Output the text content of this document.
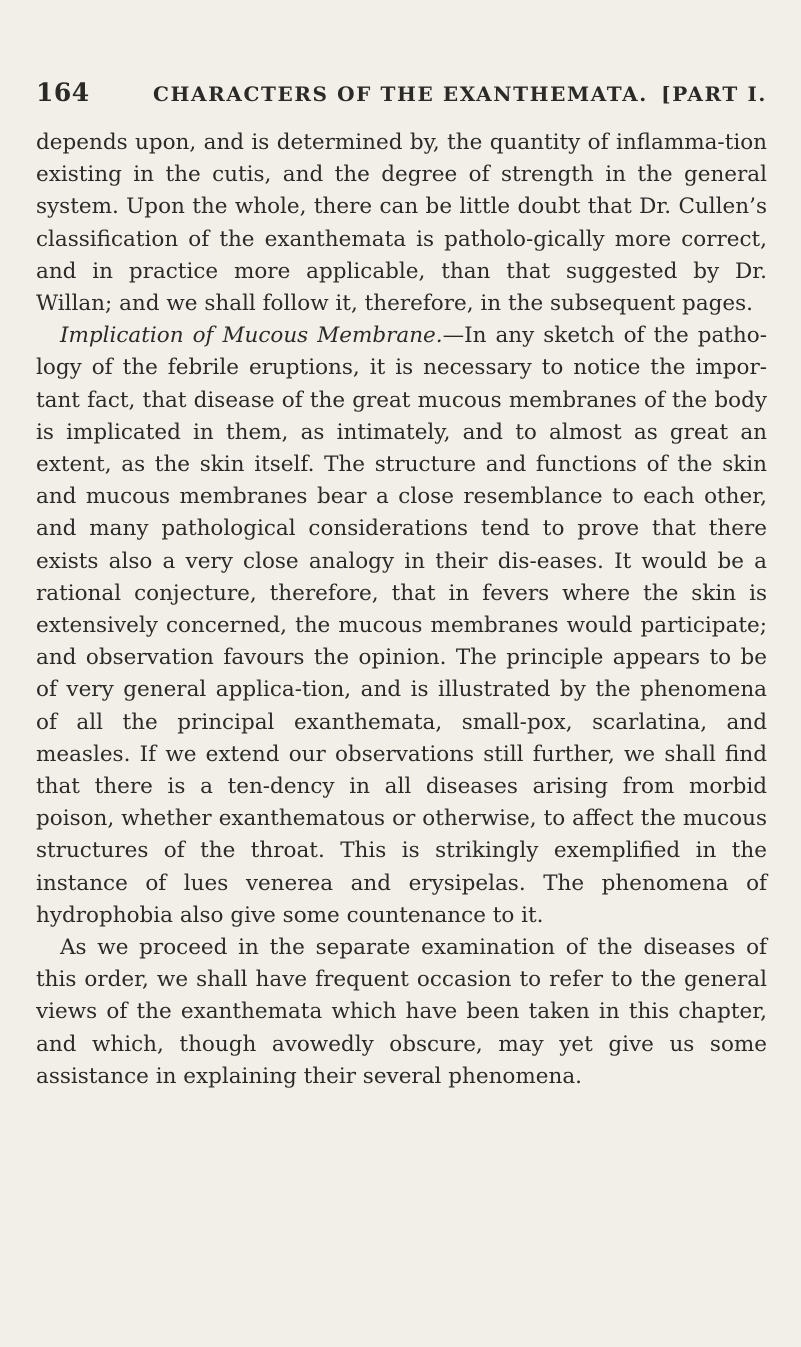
164	CHARACTERS OF THE EXANTHEMATA. [PART I.

depends upon, and is determined by, the quantity of inflamma-tion existing in the cutis, and the degree of strength in the general system. Upon the whole, there can be little doubt that Dr. Cullen’s classification of the exanthemata is patholo-gically more correct, and in practice more applicable, than that suggested by Dr. Willan; and we shall follow it, therefore, in the subsequent pages.

Implication of Mucous Membrane.—In any sketch of the patho-logy of the febrile eruptions, it is necessary to notice the impor-tant fact, that disease of the great mucous membranes of the body is implicated in them, as intimately, and to almost as great an extent, as the skin itself. The structure and functions of the skin and mucous membranes bear a close resemblance to each other, and many pathological considerations tend to prove that there exists also a very close analogy in their dis-eases. It would be a rational conjecture, therefore, that in fevers where the skin is extensively concerned, the mucous membranes would participate; and observation favours the opinion. The principle appears to be of very general applica-tion, and is illustrated by the phenomena of all the principal exanthemata, small-pox, scarlatina, and measles. If we extend our observations still further, we shall find that there is a ten-dency in all diseases arising from morbid poison, whether exanthematous or otherwise, to affect the mucous structures of the throat. This is strikingly exemplified in the instance of lues venerea and erysipelas. The phenomena of hydrophobia also give some countenance to it.

As we proceed in the separate examination of the diseases of this order, we shall have frequent occasion to refer to the general views of the exanthemata which have been taken in this chapter, and which, though avowedly obscure, may yet give us some assistance in explaining their several phenomena.
